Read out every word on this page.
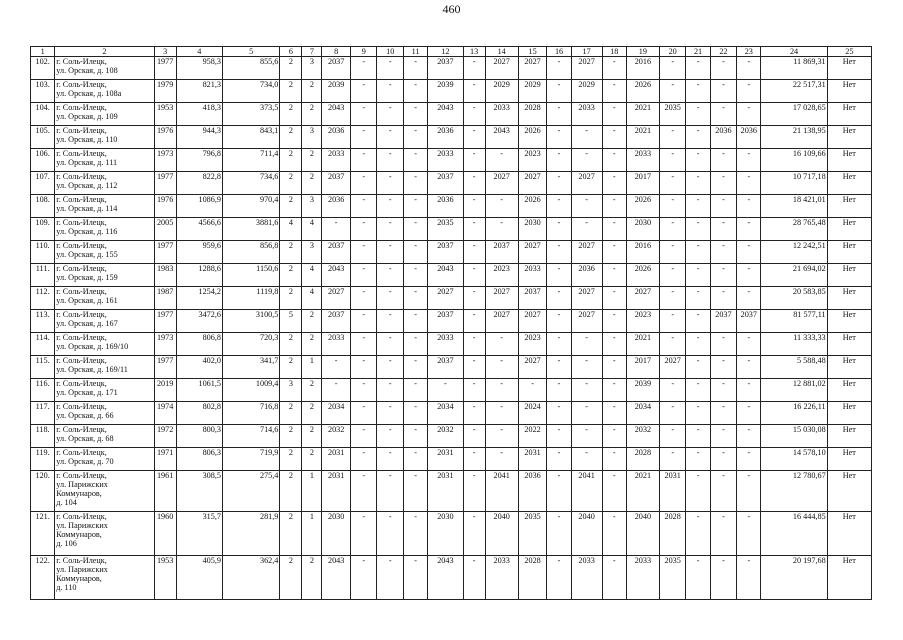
460
1	2	3	4	5	6	7	8	9	10	11	12	13	14	15	16	17	18	19	20	21	22	23	24	25
102.	г. Соль-Илецк,
ул. Орская, д. 108	1977	958,3	855,6	2	3	2037	-	-	-	2037	-	2027	2027	-	2027	-	2016	-	-	-	-	11 869,31	Нет
103.	г. Соль-Илецк,
ул. Орская, д. 108а	1979	821,3	734,0	2	2	2039	-	-	-	2039	-	2029	2029	-	2029	-	2026	-	-	-	-	22 517,31	Нет
104.	г. Соль-Илецк,
ул. Орская, д. 109	1953	418,3	373,5	2	2	2043	-	-	-	2043	-	2033	2028	-	2033	-	2021	2035	-	-	-	17 028,65	Нет
105.	г. Соль-Илецк,
ул. Орская, д. 110	1976	944,3	843,1	2	3	2036	-	-	-	2036	-	2043	2026	-	-	-	2021	-	-	2036	2036	21 138,95	Нет
106.	г. Соль-Илецк,
ул. Орская, д. 111	1973	796,8	711,4	2	2	2033	-	-	-	2033	-	-	2023	-	-	-	2033	-	-	-	-	16 109,66	Нет
107.	г. Соль-Илецк,
ул. Орская, д. 112	1977	822,8	734,6	2	2	2037	-	-	-	2037	-	2027	2027	-	2027	-	2017	-	-	-	-	10 717,18	Нет
108.	г. Соль-Илецк,
ул. Орская, д. 114	1976	1086,9	970,4	2	3	2036	-	-	-	2036	-	-	2026	-	-	-	2026	-	-	-	-	18 421,01	Нет
109.	г. Соль-Илецк,
ул. Орская, д. 116	2005	4566,6	3881,6	4	4	-	-	-	-	2035	-	-	2030	-	-	-	2030	-	-	-	-	28 765,48	Нет
110.	г. Соль-Илецк,
ул. Орская, д. 155	1977	959,6	856,8	2	3	2037	-	-	-	2037	-	2037	2027	-	2027	-	2016	-	-	-	-	12 242,51	Нет
111.	г. Соль-Илецк,
ул. Орская, д. 159	1983	1288,6	1150,6	2	4	2043	-	-	-	2043	-	2023	2033	-	2036	-	2026	-	-	-	-	21 694,02	Нет
112.	г. Соль-Илецк,
ул. Орская, д. 161	1987	1254,2	1119,8	2	4	2027	-	-	-	2027	-	2027	2037	-	2027	-	2027	-	-	-	-	20 583,85	Нет
113.	г. Соль-Илецк,
ул. Орская, д. 167	1977	3472,6	3100,5	5	2	2037	-	-	-	2037	-	2027	2027	-	2027	-	2023	-	-	2037	2037	81 577,11	Нет
114.	г. Соль-Илецк,
ул. Орская, д. 169/10	1973	806,8	720,3	2	2	2033	-	-	-	2033	-	-	2023	-	-	-	2021	-	-	-	-	11 333,33	Нет
115.	г. Соль-Илецк,
ул. Орская, д. 169/11	1977	402,0	341,7	2	1	-	-	-	-	2037	-	-	2027	-	-	-	2017	2027	-	-	-	5 588,48	Нет
116.	г. Соль-Илецк,
ул. Орская, д. 171	2019	1061,5	1009,4	3	2	-	-	-	-	-	-	-	-	-	-	-	2039	-	-	-	-	12 881,02	Нет
117.	г. Соль-Илецк,
ул. Орская, д. 66	1974	802,8	716,8	2	2	2034	-	-	-	2034	-	-	2024	-	-	-	2034	-	-	-	-	16 226,11	Нет
118.	г. Соль-Илецк,
ул. Орская, д. 68	1972	800,3	714,6	2	2	2032	-	-	-	2032	-	-	2022	-	-	-	2032	-	-	-	-	15 030,08	Нет
119.	г. Соль-Илецк,
ул. Орская, д. 70	1971	806,3	719,9	2	2	2031	-	-	-	2031	-	-	2031	-	-	-	2028	-	-	-	-	14 578,10	Нет
120.	г. Соль-Илецк,
ул. Парижских
Коммунаров,
д. 104	1961	308,5	275,4	2	1	2031	-	-	-	2031	-	2041	2036	-	2041	-	2021	2031	-	-	-	12 780,67	Нет
121.	г. Соль-Илецк,
ул. Парижских
Коммунаров,
д. 106	1960	315,7	281,9	2	1	2030	-	-	-	2030	-	2040	2035	-	2040	-	2040	2028	-	-	-	16 444,85	Нет
122.	г. Соль-Илецк,
ул. Парижских
Коммунаров,
д. 110	1953	405,9	362,4	2	2	2043	-	-	-	2043	-	2033	2028	-	2033	-	2033	2035	-	-	-	20 197,68	Нет
